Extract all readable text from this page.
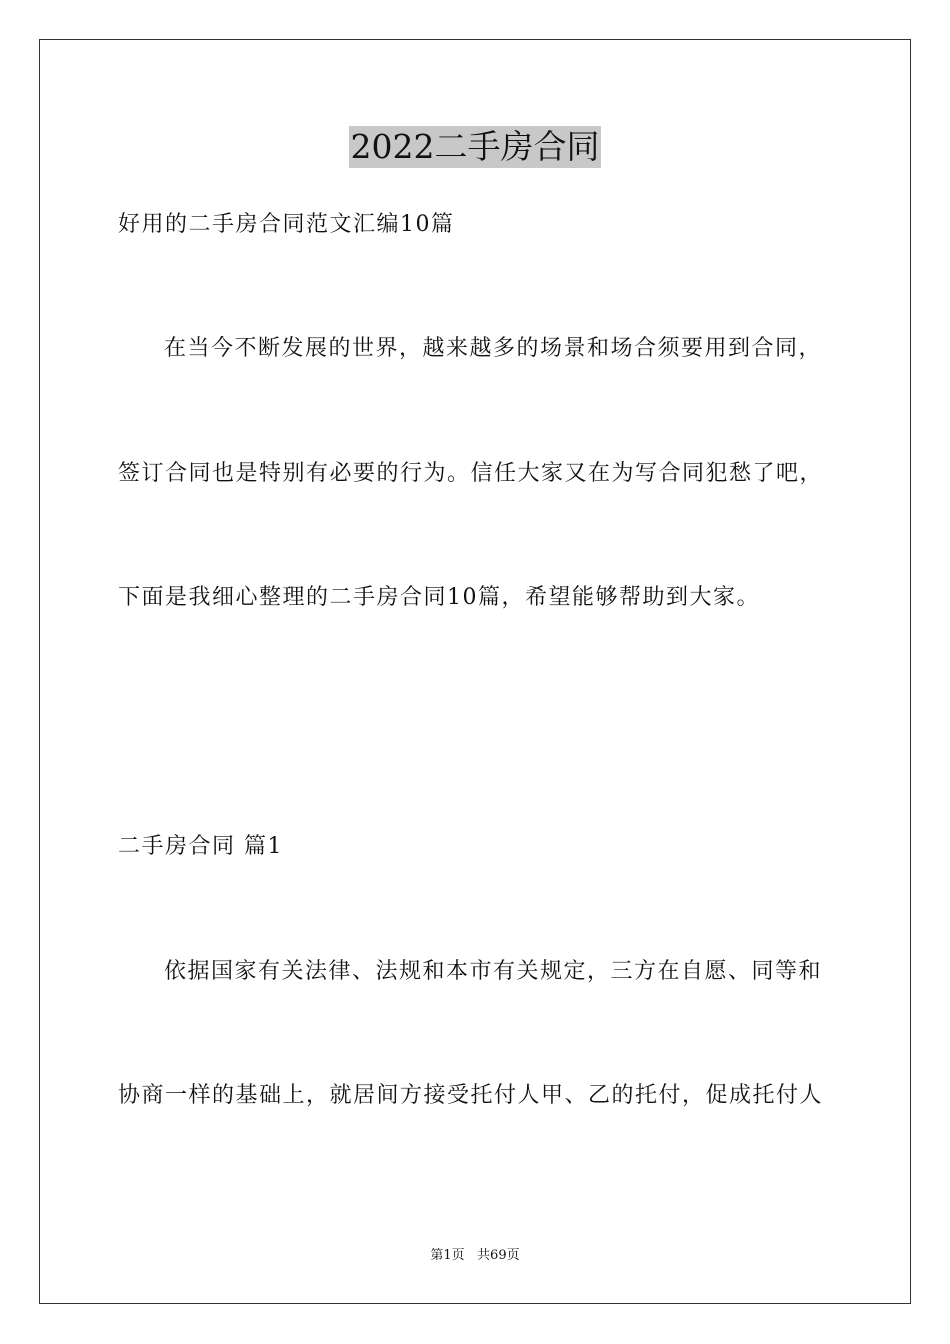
2022二手房合同
好用的二手房合同范文汇编10篇
在当今不断发展的世界，越来越多的场景和场合须要用到合同，
签订合同也是特别有必要的行为。信任大家又在为写合同犯愁了吧，
下面是我细心整理的二手房合同10篇，希望能够帮助到大家。
二手房合同 篇1
依据国家有关法律、法规和本市有关规定，三方在自愿、同等和
协商一样的基础上，就居间方接受托付人甲、乙的托付，促成托付人
第1页   共69页
